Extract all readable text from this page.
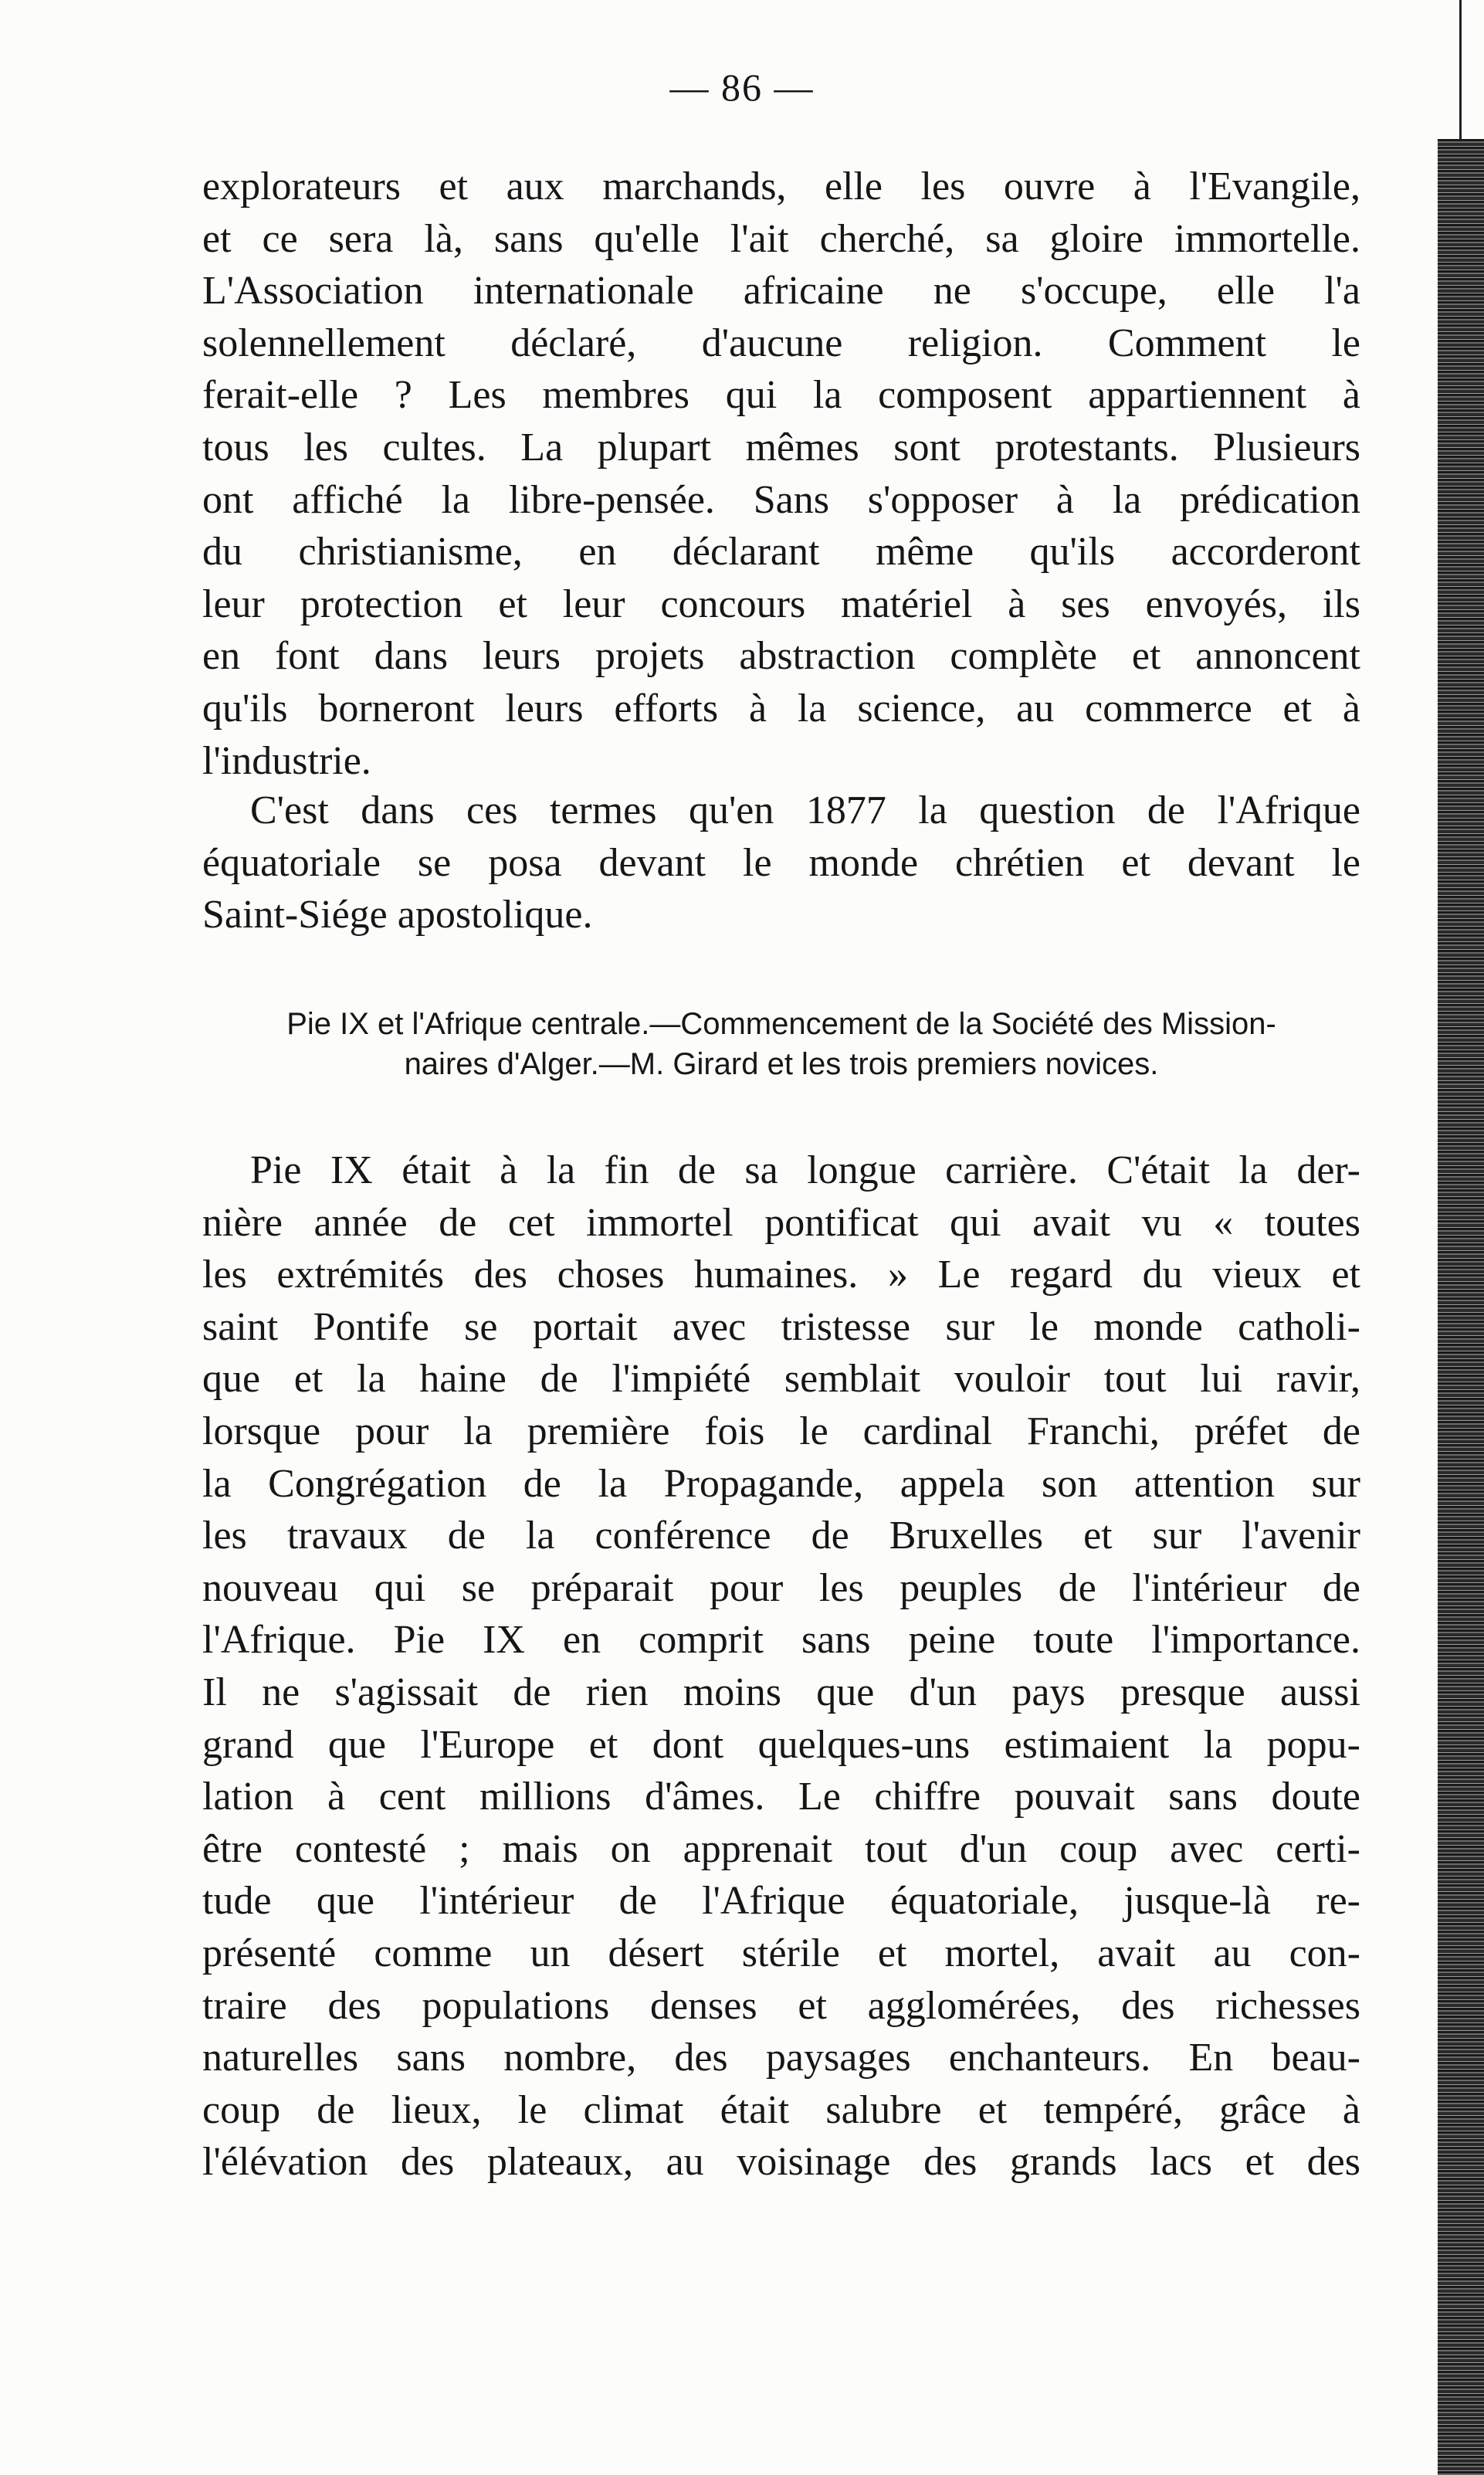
— 86 —
explorateurs et aux marchands, elle les ouvre à l'Evangile,
et ce sera là, sans qu'elle l'ait cherché, sa gloire immortelle.
L'Association internationale africaine ne s'occupe, elle l'a
solennellement déclaré, d'aucune religion. Comment le
ferait-elle ? Les membres qui la composent appartiennent à
tous les cultes. La plupart mêmes sont protestants. Plusieurs
ont affiché la libre-pensée. Sans s'opposer à la prédication
du christianisme, en déclarant même qu'ils accorderont
leur protection et leur concours matériel à ses envoyés, ils
en font dans leurs projets abstraction complète et annoncent
qu'ils borneront leurs efforts à la science, au commerce et à
l'industrie.
C'est dans ces termes qu'en 1877 la question de l'Afrique
équatoriale se posa devant le monde chrétien et devant le
Saint-Siége apostolique.
Pie IX et l'Afrique centrale.—Commencement de la Société des Mission-
naires d'Alger.—M. Girard et les trois premiers novices.
Pie IX était à la fin de sa longue carrière. C'était la der-
nière année de cet immortel pontificat qui avait vu « toutes
les extrémités des choses humaines. » Le regard du vieux et
saint Pontife se portait avec tristesse sur le monde catholi-
que et la haine de l'impiété semblait vouloir tout lui ravir,
lorsque pour la première fois le cardinal Franchi, préfet de
la Congrégation de la Propagande, appela son attention sur
les travaux de la conférence de Bruxelles et sur l'avenir
nouveau qui se préparait pour les peuples de l'intérieur de
l'Afrique. Pie IX en comprit sans peine toute l'importance.
Il ne s'agissait de rien moins que d'un pays presque aussi
grand que l'Europe et dont quelques-uns estimaient la popu-
lation à cent millions d'âmes. Le chiffre pouvait sans doute
être contesté ; mais on apprenait tout d'un coup avec certi-
tude que l'intérieur de l'Afrique équatoriale, jusque-là re-
présenté comme un désert stérile et mortel, avait au con-
traire des populations denses et agglomérées, des richesses
naturelles sans nombre, des paysages enchanteurs. En beau-
coup de lieux, le climat était salubre et tempéré, grâce à
l'élévation des plateaux, au voisinage des grands lacs et des
